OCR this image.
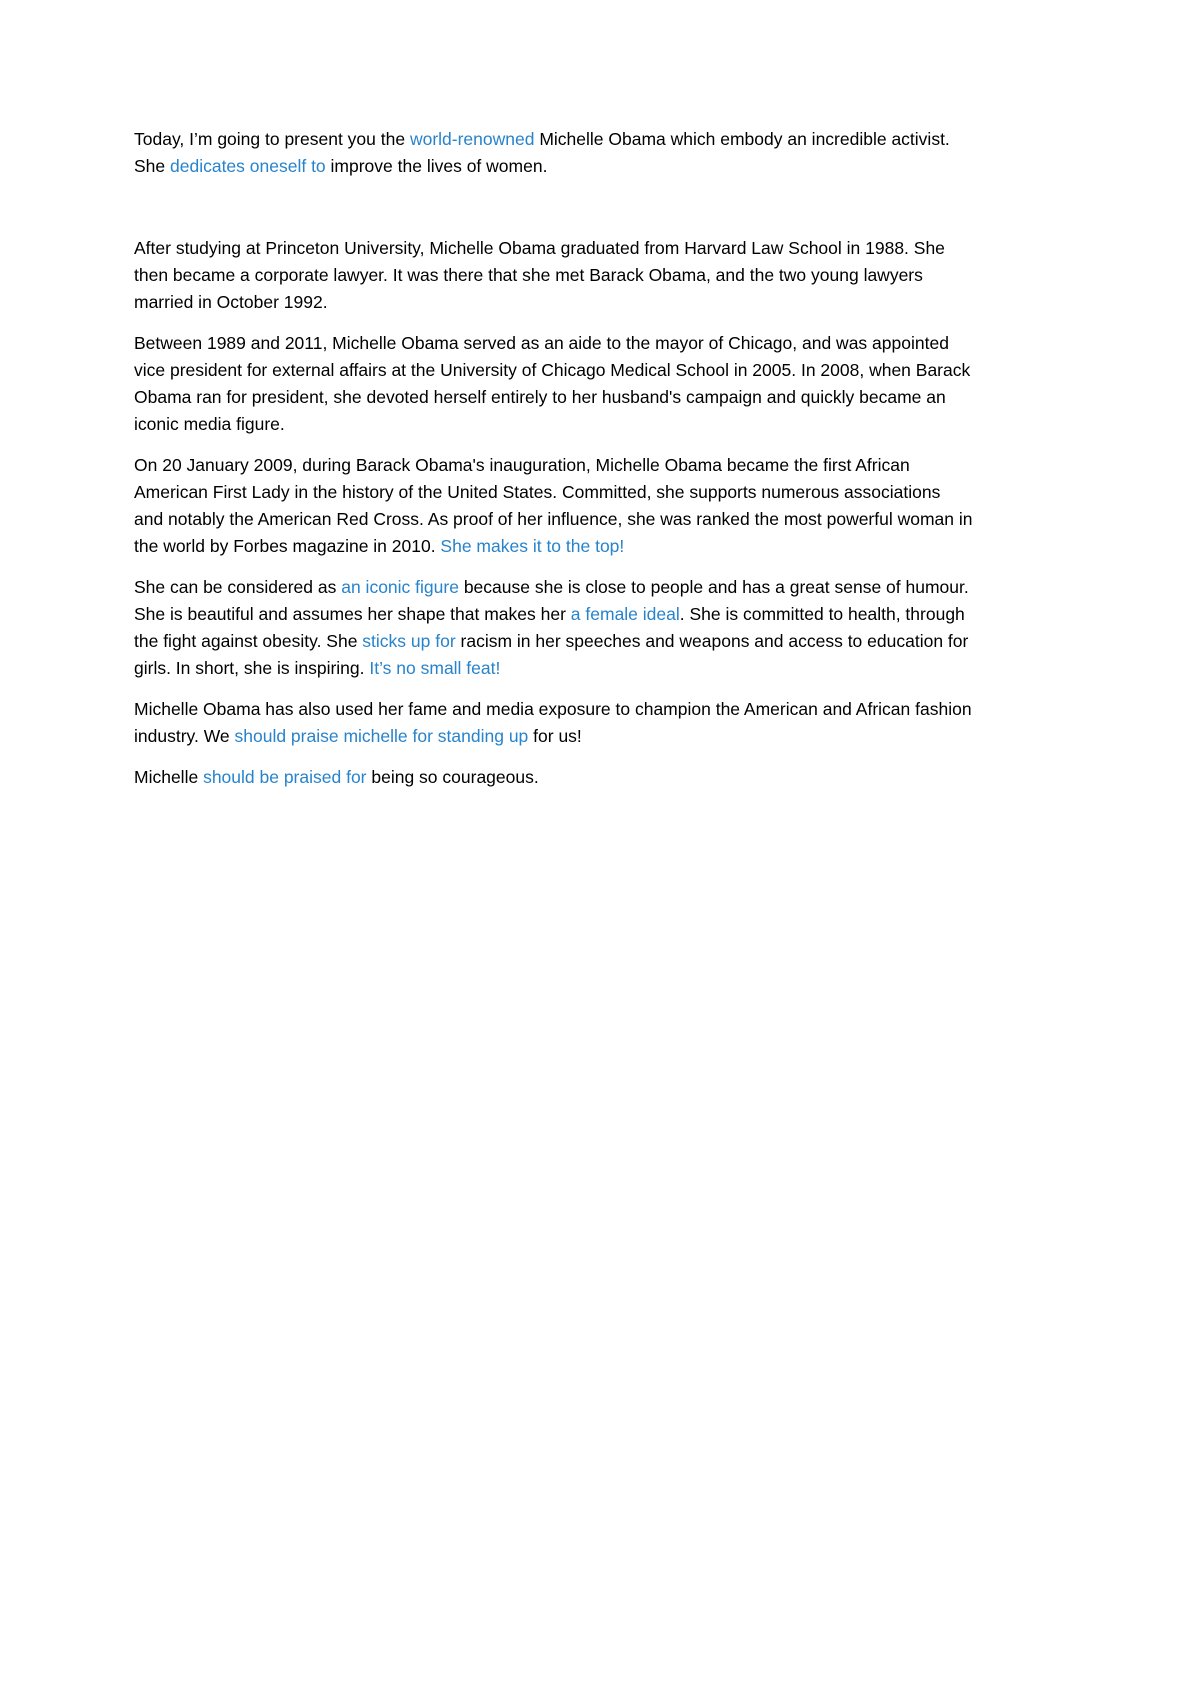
Today, I’m going to present you the world-renowned Michelle Obama which embody an incredible activist.  She dedicates oneself to improve the lives of women.

After studying at Princeton University, Michelle Obama graduated from Harvard Law School in 1988. She then became a corporate lawyer. It was there that she met Barack Obama, and the two young lawyers married in October 1992.

Between 1989 and 2011, Michelle Obama served as an aide to the mayor of Chicago, and was appointed vice president for external affairs at the University of Chicago Medical School in 2005. In 2008, when Barack Obama ran for president, she devoted herself entirely to her husband's campaign and quickly became an iconic media figure.

On 20 January 2009, during Barack Obama's inauguration, Michelle Obama became the first African American First Lady in the history of the United States. Committed, she supports numerous associations and notably the American Red Cross. As proof of her influence, she was ranked the most powerful woman in the world by Forbes magazine in 2010. She makes it to the top!

She can be considered as an iconic figure because she is close to people and has a great sense of humour. She is beautiful and assumes her shape that makes her a female ideal. She is committed to health, through the fight against obesity. She sticks up for racism in her speeches and weapons and access to education for girls. In short, she is inspiring. It’s no small feat!

Michelle Obama has also used her fame and media exposure to champion the American and African fashion industry. We should praise michelle for standing up for us!

Michelle should be praised for being so courageous.
